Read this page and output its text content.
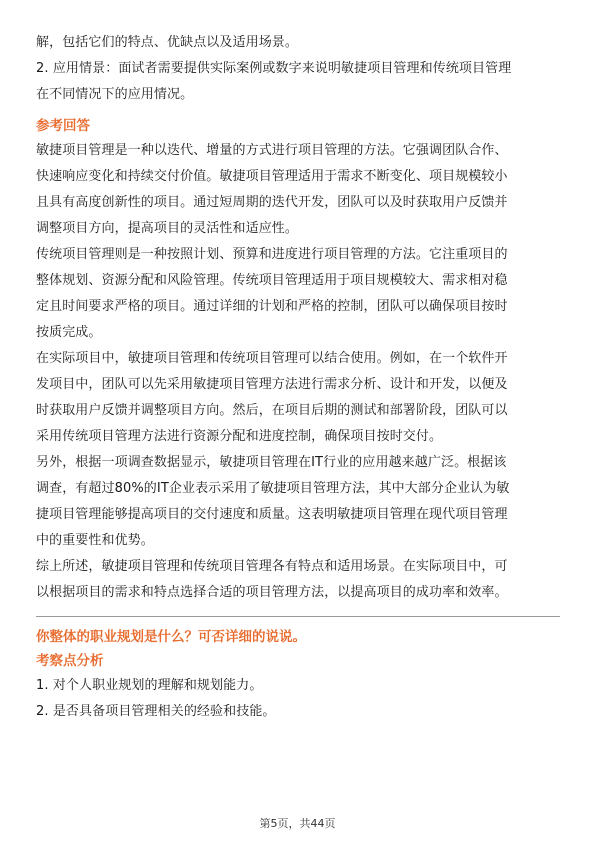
解，包括它们的特点、优缺点以及适用场景。
2. 应用情景：面试者需要提供实际案例或数字来说明敏捷项目管理和传统项目管理
在不同情况下的应用情况。
参考回答
敏捷项目管理是一种以迭代、增量的方式进行项目管理的方法。它强调团队合作、
快速响应变化和持续交付价值。敏捷项目管理适用于需求不断变化、项目规模较小
且具有高度创新性的项目。通过短周期的迭代开发，团队可以及时获取用户反馈并
调整项目方向，提高项目的灵活性和适应性。
传统项目管理则是一种按照计划、预算和进度进行项目管理的方法。它注重项目的
整体规划、资源分配和风险管理。传统项目管理适用于项目规模较大、需求相对稳
定且时间要求严格的项目。通过详细的计划和严格的控制，团队可以确保项目按时
按质完成。
在实际项目中，敏捷项目管理和传统项目管理可以结合使用。例如，在一个软件开
发项目中，团队可以先采用敏捷项目管理方法进行需求分析、设计和开发，以便及
时获取用户反馈并调整项目方向。然后，在项目后期的测试和部署阶段，团队可以
采用传统项目管理方法进行资源分配和进度控制，确保项目按时交付。
另外，根据一项调查数据显示，敏捷项目管理在IT行业的应用越来越广泛。根据该
调查，有超过80%的IT企业表示采用了敏捷项目管理方法，其中大部分企业认为敏
捷项目管理能够提高项目的交付速度和质量。这表明敏捷项目管理在现代项目管理
中的重要性和优势。
综上所述，敏捷项目管理和传统项目管理各有特点和适用场景。在实际项目中，可
以根据项目的需求和特点选择合适的项目管理方法，以提高项目的成功率和效率。
你整体的职业规划是什么？可否详细的说说。
考察点分析
1. 对个人职业规划的理解和规划能力。
2. 是否具备项目管理相关的经验和技能。
第5页，共44页
